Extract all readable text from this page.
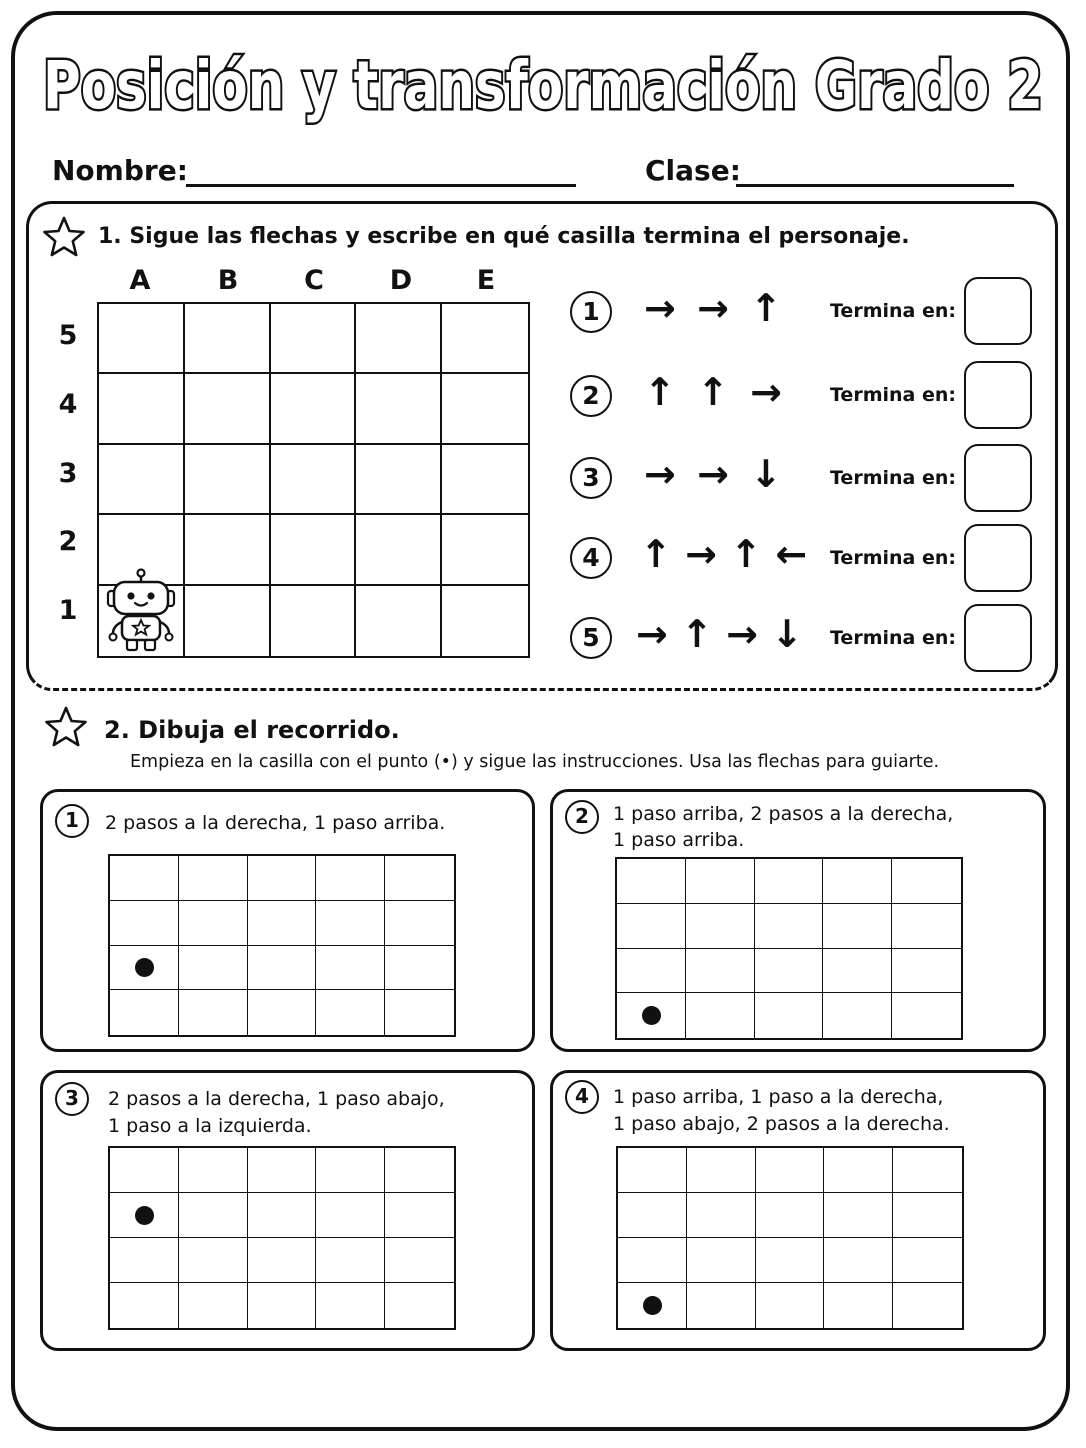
Posición y transformación Grado 2
Nombre:	Clase:
1. Sigue las flechas y escribe en qué casilla termina el personaje.
A	B	C	D	E
5
4
3
2
1
1	→ → ↑ Termina en:
2	↑ ↑ → Termina en:
3	→ → ↓ Termina en:
4	↑ → ↑ ← Termina en:
5 → ↑ → ↓ Termina en:
2. Dibuja el recorrido.
Empieza en la casilla con el punto (•) y sigue las instrucciones. Usa las flechas para guiarte.
1	2 pasos a la derecha, 1 paso arriba.	2	1 paso arriba, 2 pasos a la derecha,
1 paso arriba.
3	2 pasos a la derecha, 1 paso abajo,
1 paso a la izquierda.
4	1 paso arriba, 1 paso a la derecha,
1 paso abajo, 2 pasos a la derecha.
